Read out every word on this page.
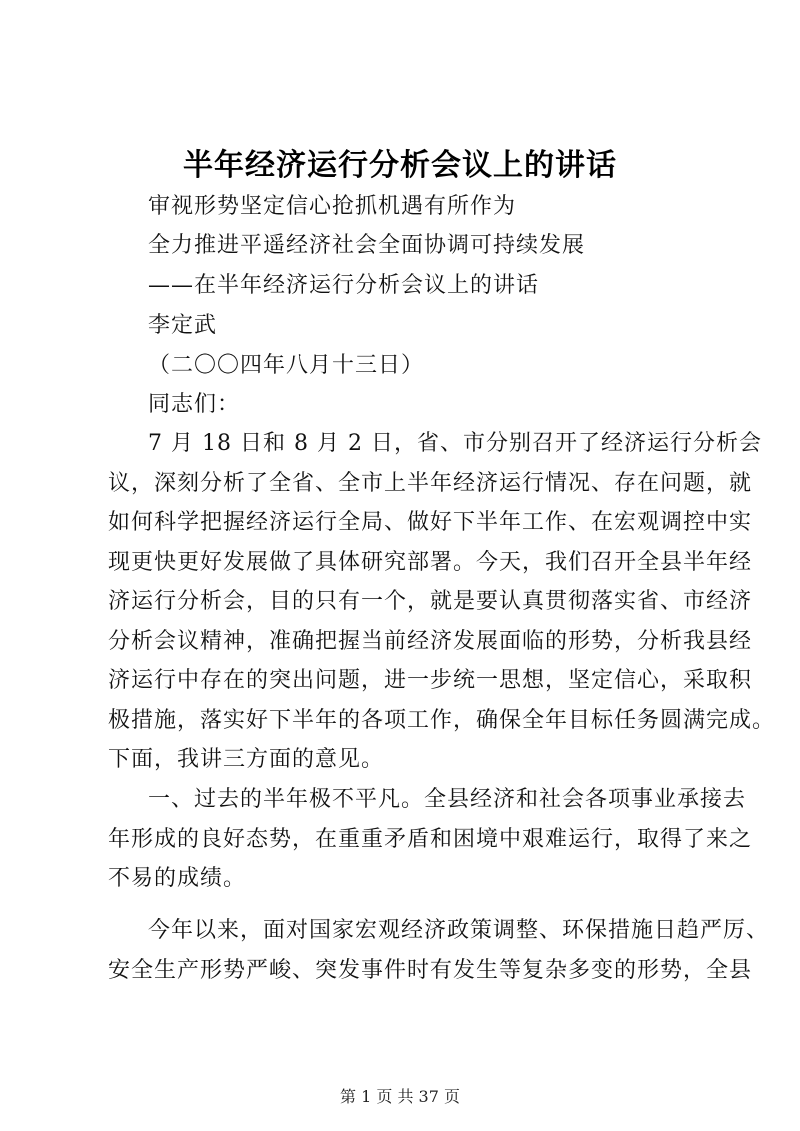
半年经济运行分析会议上的讲话
审视形势坚定信心抢抓机遇有所作为
全力推进平遥经济社会全面协调可持续发展
——在半年经济运行分析会议上的讲话
李定武
（二〇〇四年八月十三日）
同志们：
7 月 18 日和 8 月 2 日，省、市分别召开了经济运行分析会
议，深刻分析了全省、全市上半年经济运行情况、存在问题，就
如何科学把握经济运行全局、做好下半年工作、在宏观调控中实
现更快更好发展做了具体研究部署。今天，我们召开全县半年经
济运行分析会，目的只有一个，就是要认真贯彻落实省、市经济
分析会议精神，准确把握当前经济发展面临的形势，分析我县经
济运行中存在的突出问题，进一步统一思想，坚定信心，采取积
极措施，落实好下半年的各项工作，确保全年目标任务圆满完成。
下面，我讲三方面的意见。
一、过去的半年极不平凡。全县经济和社会各项事业承接去
年形成的良好态势，在重重矛盾和困境中艰难运行，取得了来之
不易的成绩。
今年以来，面对国家宏观经济政策调整、环保措施日趋严厉、
安全生产形势严峻、突发事件时有发生等复杂多变的形势，全县
第 1 页 共 37 页
